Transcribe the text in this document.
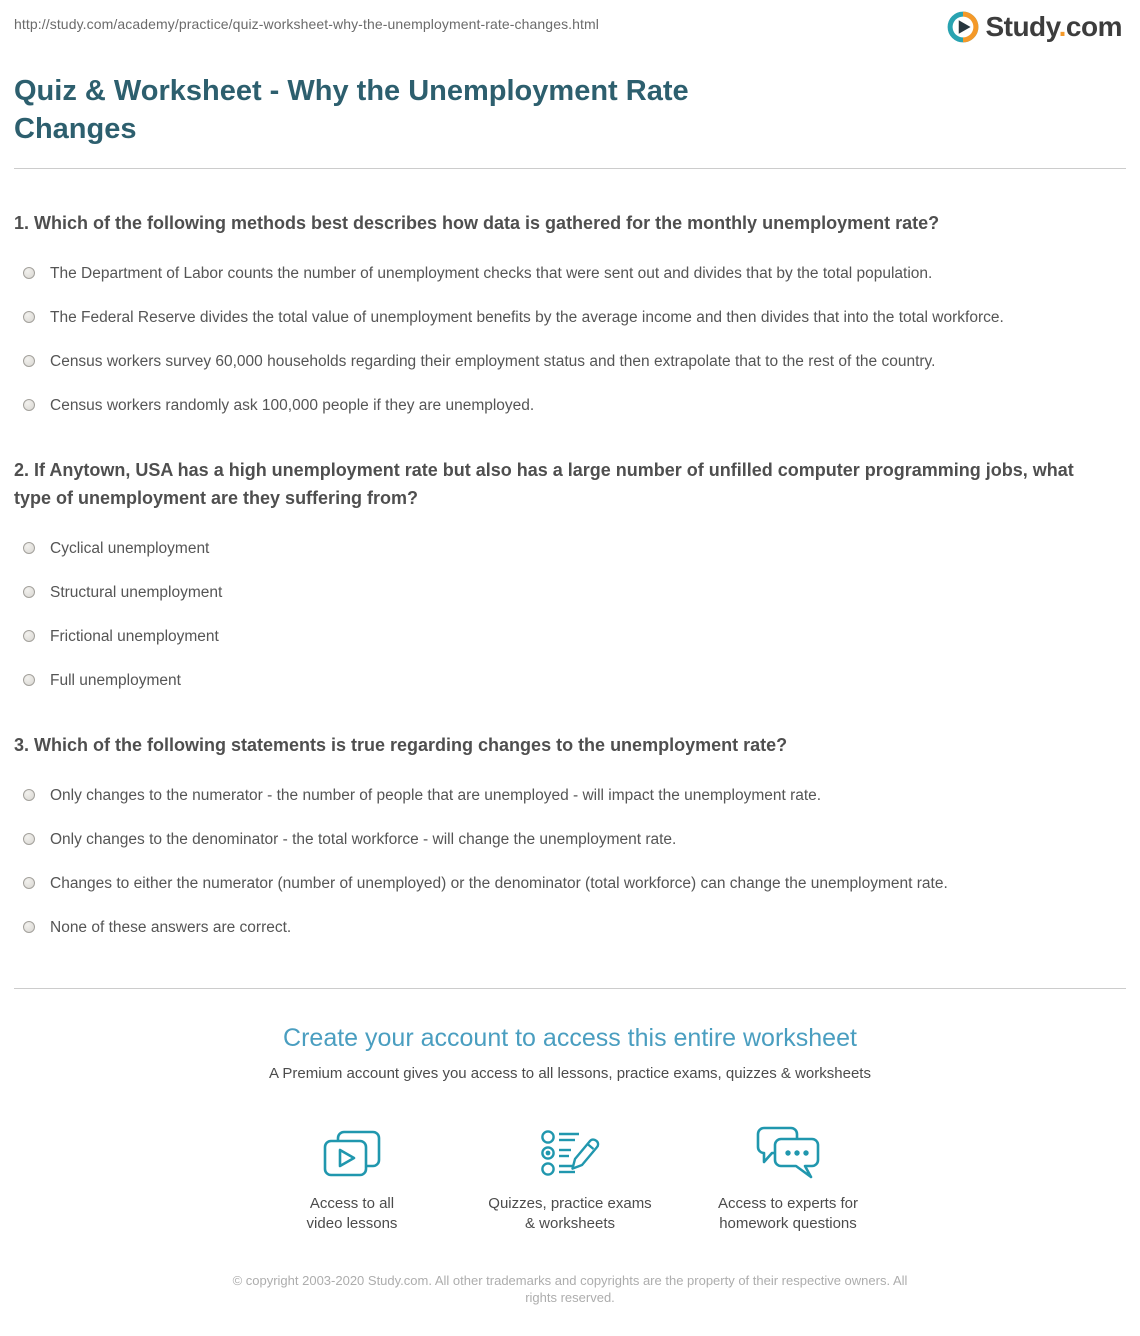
http://study.com/academy/practice/quiz-worksheet-why-the-unemployment-rate-changes.html	Study.com
Quiz & Worksheet - Why the Unemployment Rate Changes
1. Which of the following methods best describes how data is gathered for the monthly unemployment rate?
The Department of Labor counts the number of unemployment checks that were sent out and divides that by the total population.
The Federal Reserve divides the total value of unemployment benefits by the average income and then divides that into the total workforce.
Census workers survey 60,000 households regarding their employment status and then extrapolate that to the rest of the country.
Census workers randomly ask 100,000 people if they are unemployed.
2. If Anytown, USA has a high unemployment rate but also has a large number of unfilled computer programming jobs, what type of unemployment are they suffering from?
Cyclical unemployment
Structural unemployment
Frictional unemployment
Full unemployment
3. Which of the following statements is true regarding changes to the unemployment rate?
Only changes to the numerator - the number of people that are unemployed - will impact the unemployment rate.
Only changes to the denominator - the total workforce - will change the unemployment rate.
Changes to either the numerator (number of unemployed) or the denominator (total workforce) can change the unemployment rate.
None of these answers are correct.
Create your account to access this entire worksheet
A Premium account gives you access to all lessons, practice exams, quizzes & worksheets
Access to all
video lessons
Quizzes, practice exams
& worksheets
Access to experts for
homework questions
© copyright 2003-2020 Study.com. All other trademarks and copyrights are the property of their respective owners. All rights reserved.
